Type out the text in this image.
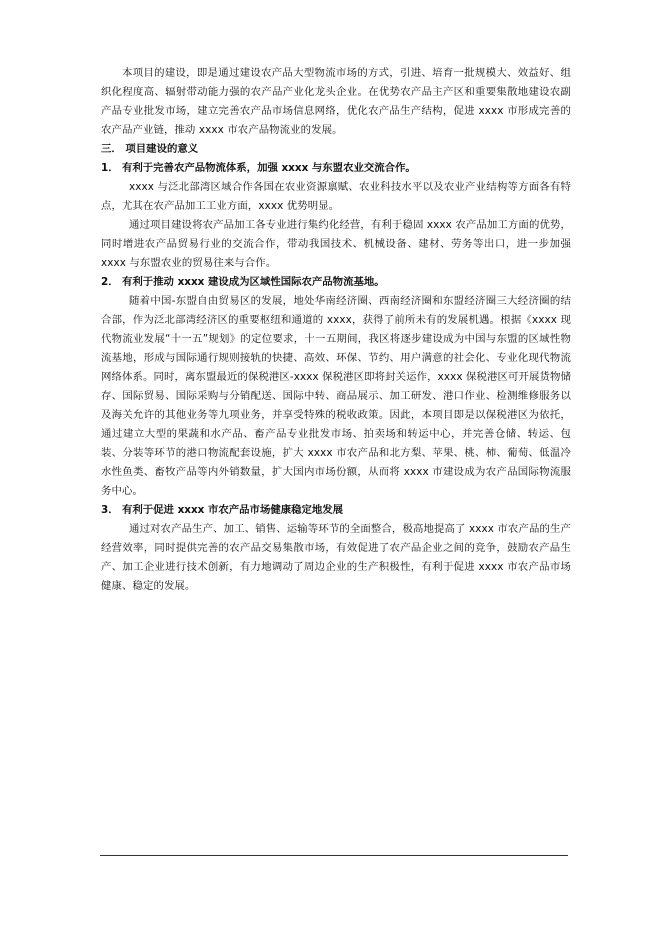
本项目的建设，即是通过建设农产品大型物流市场的方式，引进、培育一批规模大、效益好、组织化程度高、辐射带动能力强的农产品产业化龙头企业。在优势农产品主产区和重要集散地建设农副产品专业批发市场，建立完善农产品市场信息网络，优化农产品生产结构，促进 xxxx 市形成完善的农产品产业链，推动 xxxx 市农产品物流业的发展。

三． 项目建设的意义

1． 有利于完善农产品物流体系，加强 xxxx 与东盟农业交流合作。

xxxx 与泛北部湾区域合作各国在农业资源禀赋、农业科技水平以及农业产业结构等方面各有特点，尤其在农产品加工工业方面，xxxx 优势明显。

通过项目建设将农产品加工各专业进行集约化经营，有利于稳固 xxxx 农产品加工方面的优势，同时增进农产品贸易行业的交流合作，带动我国技术、机械设备、建材、劳务等出口，进一步加强 xxxx 与东盟农业的贸易往来与合作。

2． 有利于推动 xxxx 建设成为区域性国际农产品物流基地。

随着中国-东盟自由贸易区的发展，地处华南经济圈、西南经济圈和东盟经济圈三大经济圈的结合部，作为泛北部湾经济区的重要枢纽和通道的 xxxx，获得了前所未有的发展机遇。根据《xxxx 现代物流业发展“十一五”规划》的定位要求，十一五期间，我区将逐步建设成为中国与东盟的区域性物流基地，形成与国际通行规则接轨的快捷、高效、环保、节约、用户满意的社会化、专业化现代物流网络体系。同时，离东盟最近的保税港区-xxxx 保税港区即将封关运作，xxxx 保税港区可开展货物储存、国际贸易、国际采购与分销配送、国际中转、商品展示、加工研发、港口作业、检测维修服务以及海关允许的其他业务等九项业务，并享受特殊的税收政策。因此，本项目即是以保税港区为依托，通过建立大型的果蔬和水产品、畜产品专业批发市场、拍卖场和转运中心，并完善仓储、转运、包装、分装等环节的港口物流配套设施，扩大 xxxx 市农产品和北方梨、苹果、桃、柿、葡萄、低温冷水性鱼类、畜牧产品等内外销数量，扩大国内市场份额，从而将 xxxx 市建设成为农产品国际物流服务中心。

3． 有利于促进 xxxx 市农产品市场健康稳定地发展

通过对农产品生产、加工、销售、运输等环节的全面整合，极高地提高了 xxxx 市农产品的生产经营效率，同时提供完善的农产品交易集散市场，有效促进了农产品企业之间的竞争，鼓励农产品生产、加工企业进行技术创新，有力地调动了周边企业的生产积极性，有利于促进 xxxx 市农产品市场健康、稳定的发展。
